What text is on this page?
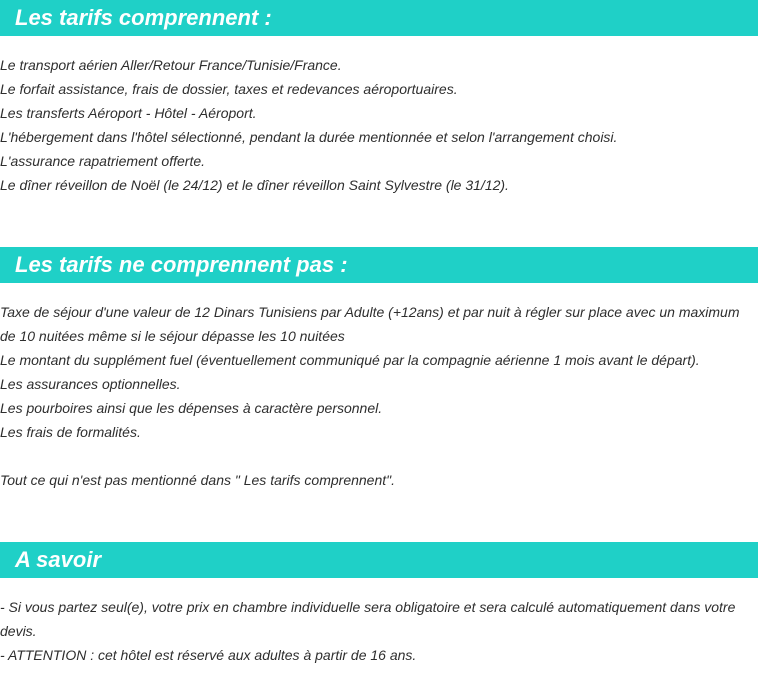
Les tarifs comprennent :
Le transport aérien Aller/Retour France/Tunisie/France.
Le forfait assistance, frais de dossier, taxes et redevances aéroportuaires.
Les transferts Aéroport - Hôtel - Aéroport.
L'hébergement dans l'hôtel sélectionné, pendant la durée mentionnée et selon l'arrangement choisi.
L'assurance rapatriement offerte.
Le dîner réveillon de Noël (le 24/12) et le dîner réveillon Saint Sylvestre (le 31/12).
Les tarifs ne comprennent pas :
Taxe de séjour d'une valeur de 12 Dinars Tunisiens par Adulte (+12ans) et par nuit à régler sur place avec un maximum de 10 nuitées même si le séjour dépasse les 10 nuitées
Le montant du supplément fuel (éventuellement communiqué par la compagnie aérienne 1 mois avant le départ).
Les assurances optionnelles.
Les pourboires ainsi que les dépenses à caractère personnel.
Les frais de formalités.
Tout ce qui n'est pas mentionné dans " Les tarifs comprennent".
A savoir
- Si vous partez seul(e), votre prix en chambre individuelle sera obligatoire et sera calculé automatiquement dans votre devis.
- ATTENTION : cet hôtel est réservé aux adultes à partir de 16 ans.
